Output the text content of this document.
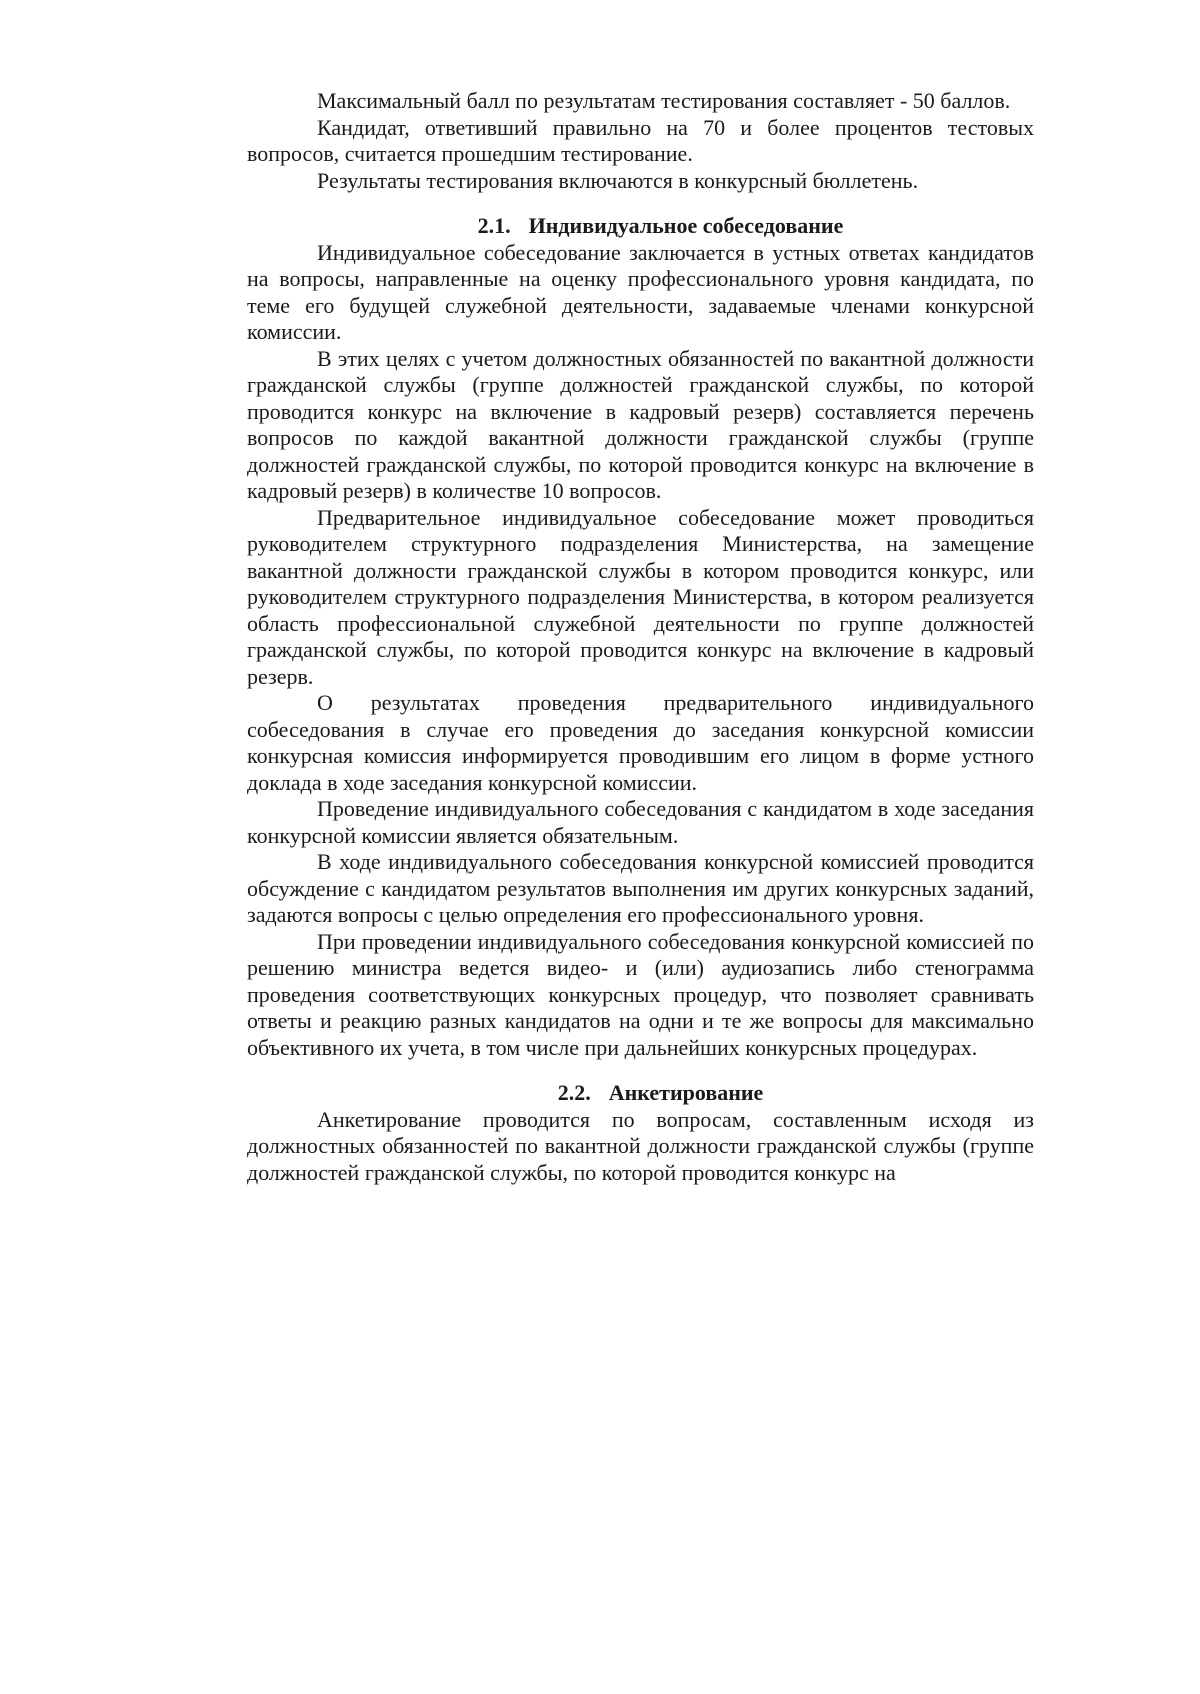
Максимальный балл по результатам тестирования составляет - 50 баллов.

Кандидат, ответивший правильно на 70 и более процентов тестовых вопросов, считается прошедшим тестирование.

Результаты тестирования включаются в конкурсный бюллетень.

2.1. Индивидуальное собеседование

Индивидуальное собеседование заключается в устных ответах кандидатов на вопросы, направленные на оценку профессионального уровня кандидата, по теме его будущей служебной деятельности, задаваемые членами конкурсной комиссии.

В этих целях с учетом должностных обязанностей по вакантной должности гражданской службы (группе должностей гражданской службы, по которой проводится конкурс на включение в кадровый резерв) составляется перечень вопросов по каждой вакантной должности гражданской службы (группе должностей гражданской службы, по которой проводится конкурс на включение в кадровый резерв) в количестве 10 вопросов.

Предварительное индивидуальное собеседование может проводиться руководителем структурного подразделения Министерства, на замещение вакантной должности гражданской службы в котором проводится конкурс, или руководителем структурного подразделения Министерства, в котором реализуется область профессиональной служебной деятельности по группе должностей гражданской службы, по которой проводится конкурс на включение в кадровый резерв.

О результатах проведения предварительного индивидуального собеседования в случае его проведения до заседания конкурсной комиссии конкурсная комиссия информируется проводившим его лицом в форме устного доклада в ходе заседания конкурсной комиссии.

Проведение индивидуального собеседования с кандидатом в ходе заседания конкурсной комиссии является обязательным.

В ходе индивидуального собеседования конкурсной комиссией проводится обсуждение с кандидатом результатов выполнения им других конкурсных заданий, задаются вопросы с целью определения его профессионального уровня.

При проведении индивидуального собеседования конкурсной комиссией по решению министра ведется видео- и (или) аудиозапись либо стенограмма проведения соответствующих конкурсных процедур, что позволяет сравнивать ответы и реакцию разных кандидатов на одни и те же вопросы для максимально объективного их учета, в том числе при дальнейших конкурсных процедурах.

2.2. Анкетирование

Анкетирование проводится по вопросам, составленным исходя из должностных обязанностей по вакантной должности гражданской службы (группе должностей гражданской службы, по которой проводится конкурс на
